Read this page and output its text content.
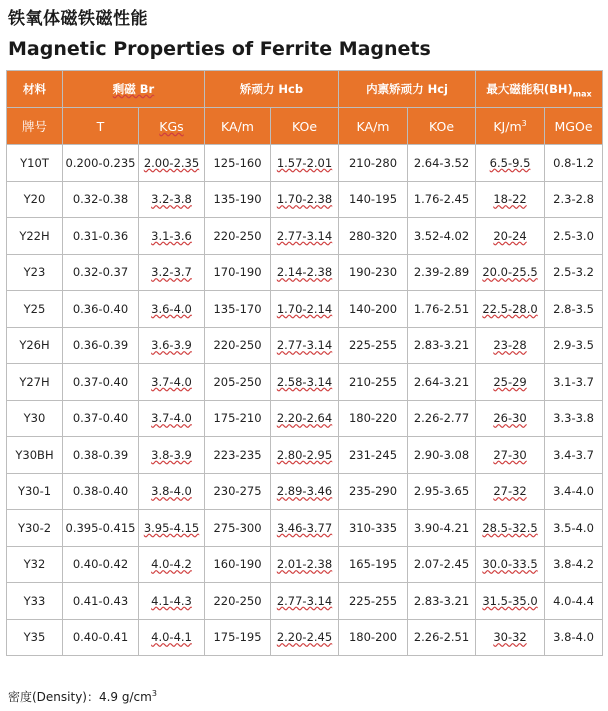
铁氧体磁铁磁性能
Magnetic Properties of Ferrite Magnets
材料	剩磁 Br		矫顽力 Hcb		内禀矫顽力 Hcj		最大磁能积$(BH)_{max}$
牌号	T	KGs	KA/m	KOe	KA/m	KOe	$KJ/m^3$	MGOe
Y10T	0.200-0.235	2.00-2.35	125-160	1.57-2.01	210-280	2.64-3.52	6.5-9.5	0.8-1.2
Y20	0.32-0.38	3.2-3.8	135-190	1.70-2.38	140-195	1.76-2.45	18-22	2.3-2.8
Y22H	0.31-0.36	3.1-3.6	220-250	2.77-3.14	280-320	3.52-4.02	20-24	2.5-3.0
Y23	0.32-0.37	3.2-3.7	170-190	2.14-2.38	190-230	2.39-2.89	20.0-25.5	2.5-3.2
Y25	0.36-0.40	3.6-4.0	135-170	1.70-2.14	140-200	1.76-2.51	22.5-28.0	2.8-3.5
Y26H	0.36-0.39	3.6-3.9	220-250	2.77-3.14	225-255	2.83-3.21	23-28	2.9-3.5
Y27H	0.37-0.40	3.7-4.0	205-250	2.58-3.14	210-255	2.64-3.21	25-29	3.1-3.7
Y30	0.37-0.40	3.7-4.0	175-210	2.20-2.64	180-220	2.26-2.77	26-30	3.3-3.8
Y30BH	0.38-0.39	3.8-3.9	223-235	2.80-2.95	231-245	2.90-3.08	27-30	3.4-3.7
Y30-1	0.38-0.40	3.8-4.0	230-275	2.89-3.46	235-290	2.95-3.65	27-32	3.4-4.0
Y30-2	0.395-0.415	3.95-4.15	275-300	3.46-3.77	310-335	3.90-4.21	28.5-32.5	3.5-4.0
Y32	0.40-0.42	4.0-4.2	160-190	2.01-2.38	165-195	2.07-2.45	30.0-33.5	3.8-4.2
Y33	0.41-0.43	4.1-4.3	220-250	2.77-3.14	225-255	2.83-3.21	31.5-35.0	4.0-4.4
Y35	0.40-0.41	4.0-4.1	175-195	2.20-2.45	180-200	2.26-2.51	30-32	3.8-4.0
密度(Density)：4.9 $g/cm^3$
